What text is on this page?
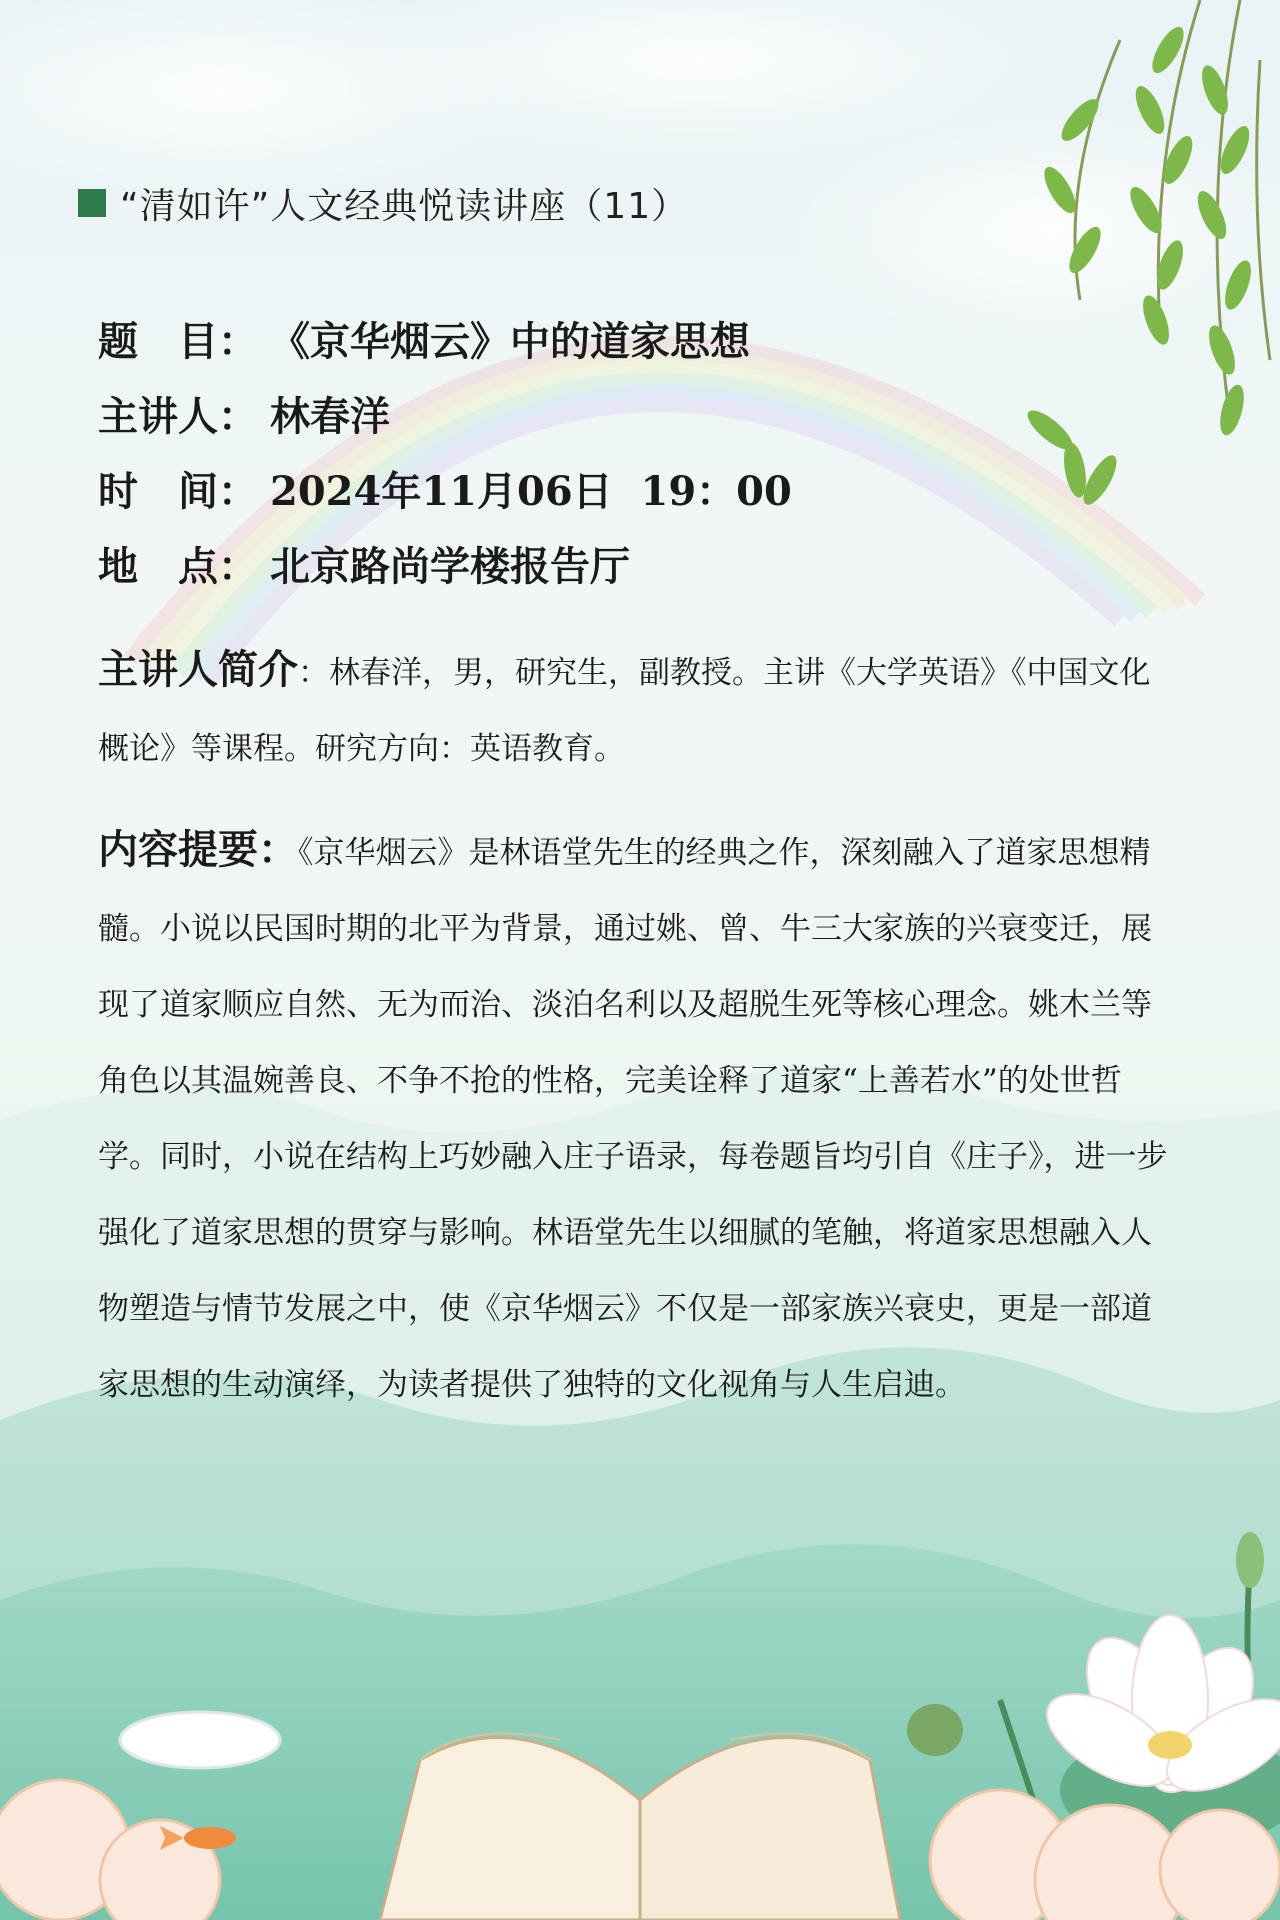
“清如许”人文经典悦读讲座（11）
题　目： 《京华烟云》中的道家思想
主讲人： 林春洋
时　间： 2024年11月06日  19：00
地　点： 北京路尚学楼报告厅

主讲人简介：林春洋，男，研究生，副教授。主讲《大学英语》《中国文化概论》等课程。研究方向：英语教育。

内容提要：《京华烟云》是林语堂先生的经典之作，深刻融入了道家思想精髓。小说以民国时期的北平为背景，通过姚、曾、牛三大家族的兴衰变迁，展现了道家顺应自然、无为而治、淡泊名利以及超脱生死等核心理念。姚木兰等角色以其温婉善良、不争不抢的性格，完美诠释了道家“上善若水”的处世哲学。同时，小说在结构上巧妙融入庄子语录，每卷题旨均引自《庄子》，进一步强化了道家思想的贯穿与影响。林语堂先生以细腻的笔触，将道家思想融入人物塑造与情节发展之中，使《京华烟云》不仅是一部家族兴衰史，更是一部道家思想的生动演绎，为读者提供了独特的文化视角与人生启迪。
